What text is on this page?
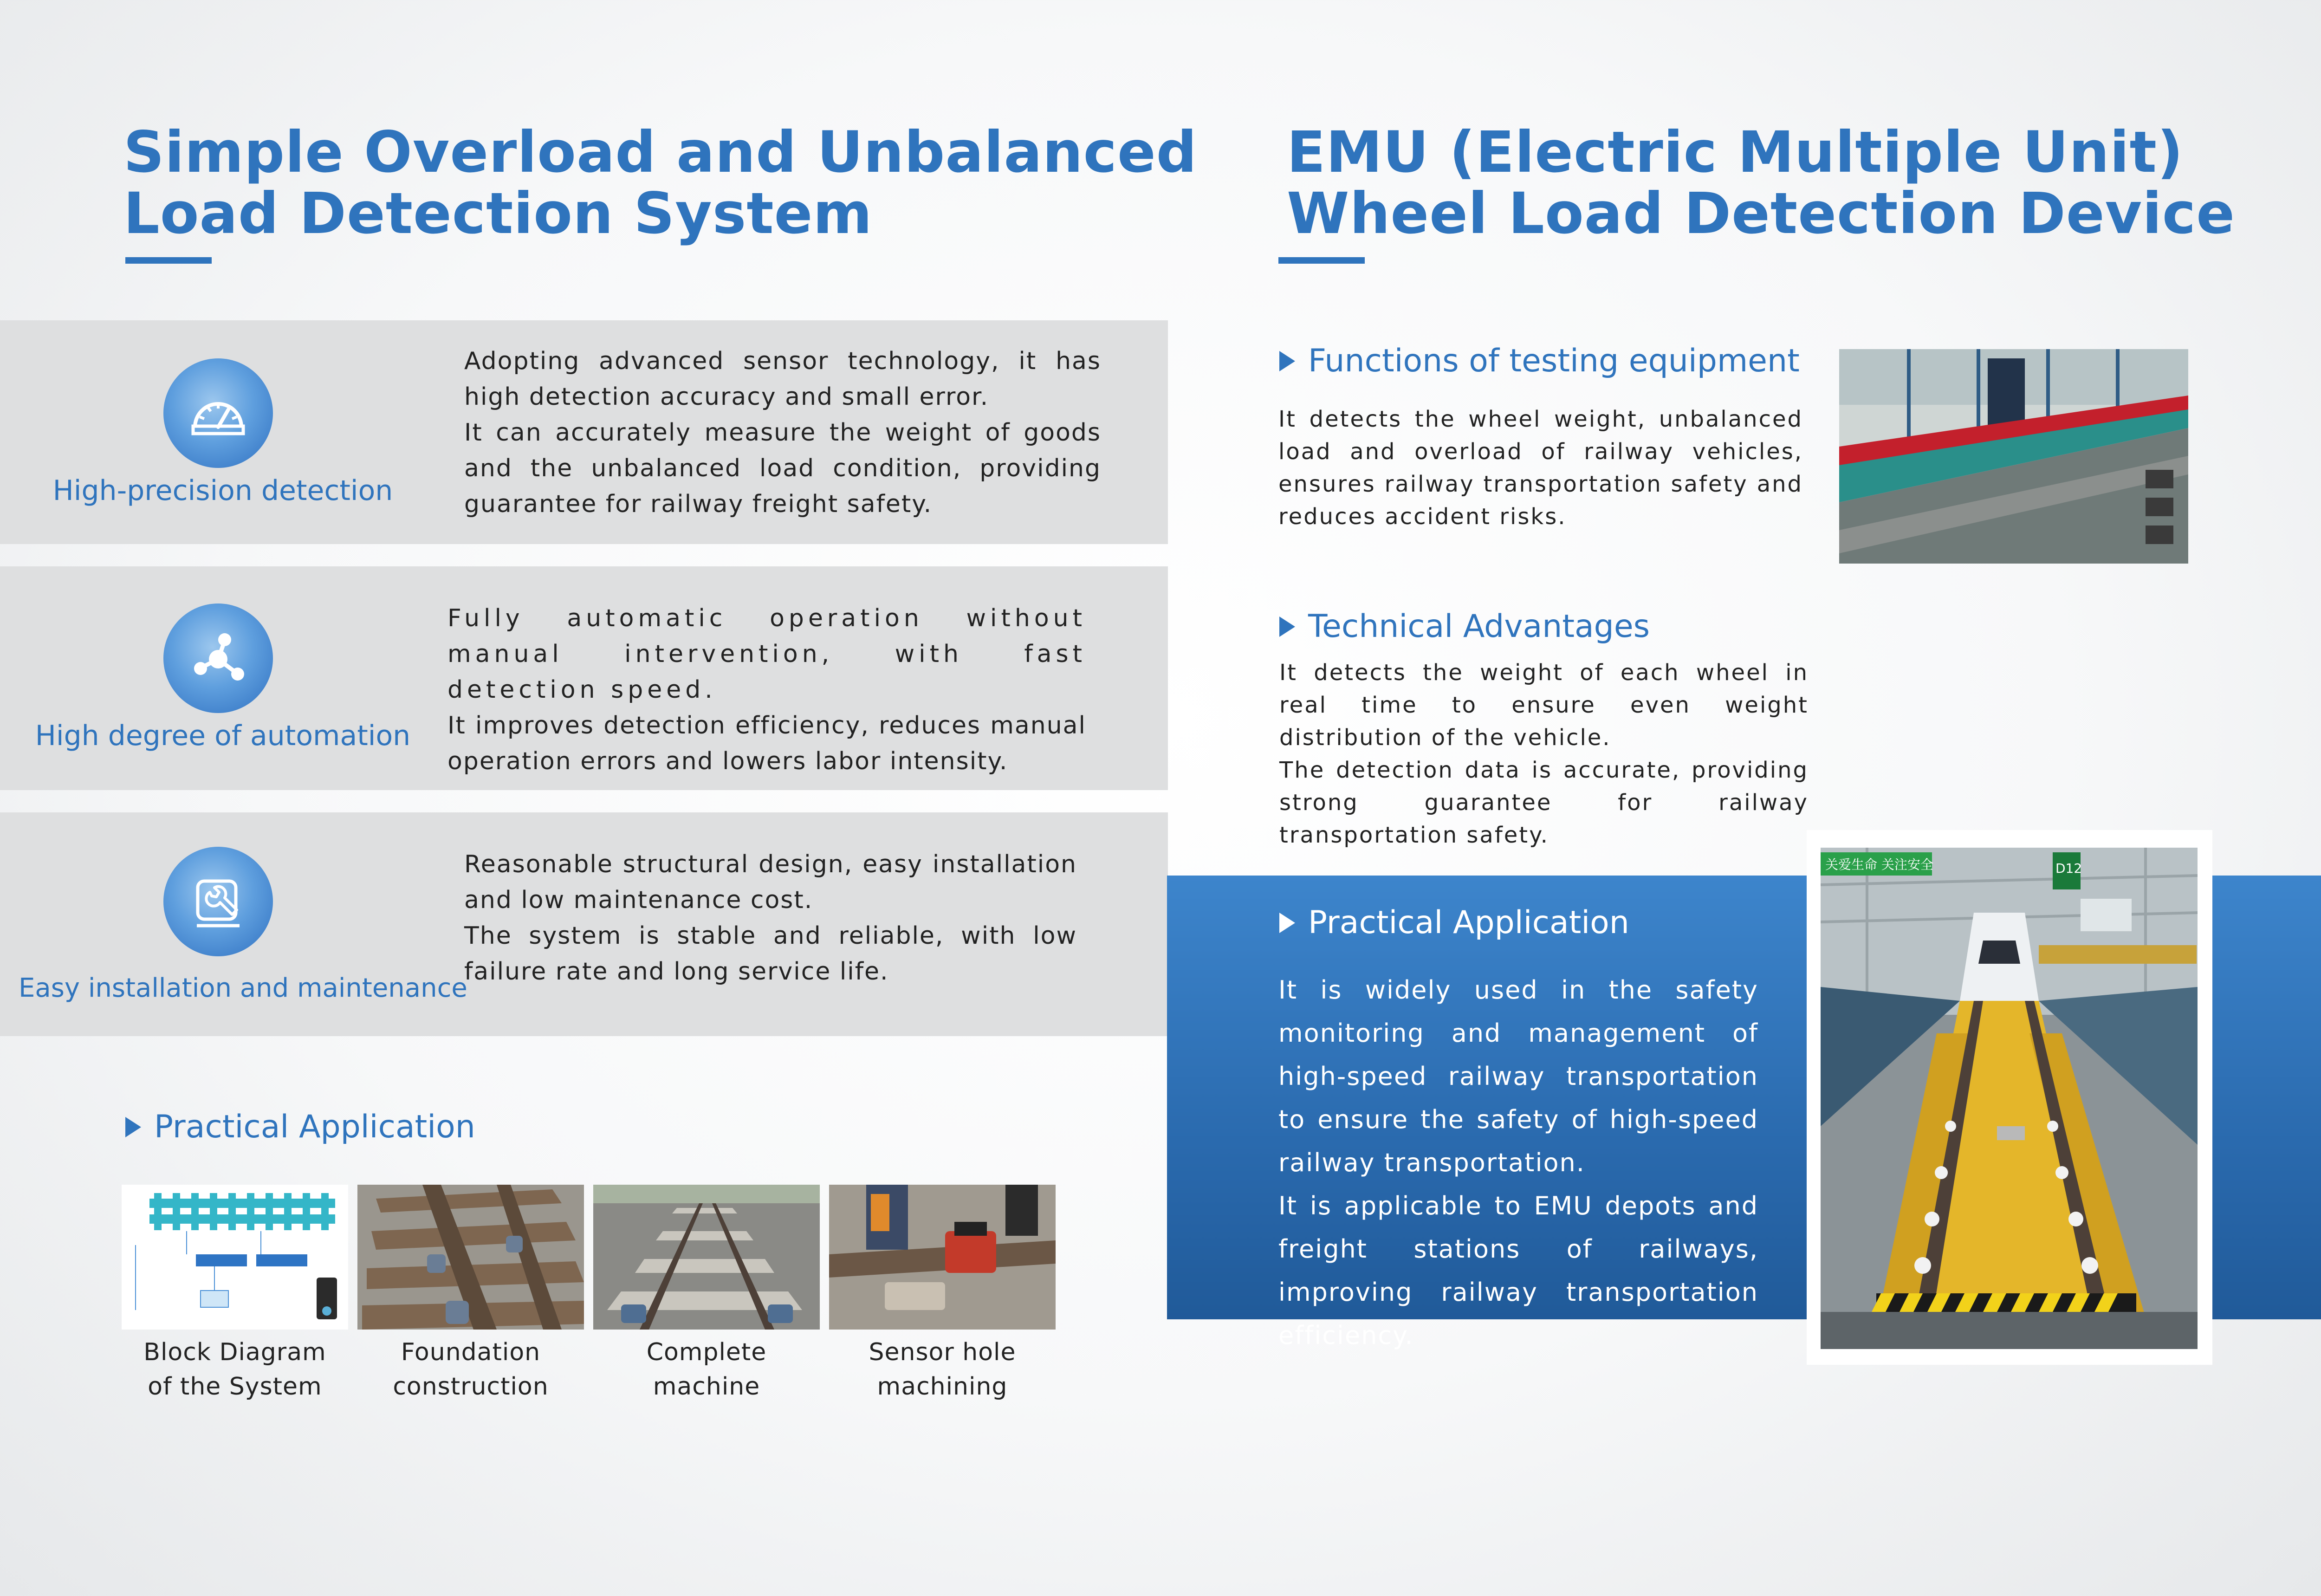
Simple Overload and Unbalanced
Load Detection System
High-precision detection
Adopting advanced sensor technology, it has high detection accuracy and small error.
It can accurately measure the weight of goods and the unbalanced load condition, providing guarantee for railway freight safety.
High degree of automation
Fully automatic operation without manual intervention, with fast detection speed.
It improves detection efficiency, reduces manual operation errors and lowers labor intensity.
Easy installation and maintenance
Reasonable structural design, easy installation and low maintenance cost.
The system is stable and reliable, with low failure rate and long service life.
Practical Application
Block Diagram
of the System
Foundation
construction
Complete
machine
Sensor hole
machining
EMU (Electric Multiple Unit)
Wheel Load Detection Device
Functions of testing equipment
It detects the wheel weight, unbalanced load and overload of railway vehicles, ensures railway transportation safety and reduces accident risks.
Technical Advantages
It detects the weight of each wheel in real time to ensure even weight distribution of the vehicle.
The detection data is accurate, providing strong guarantee for railway transportation safety.
Practical Application
It is widely used in the safety monitoring and management of high-speed railway transportation to ensure the safety of high-speed railway transportation.
It is applicable to EMU depots and freight stations of railways, improving railway transportation efficiency.
关爱生命 关注安全	D12
